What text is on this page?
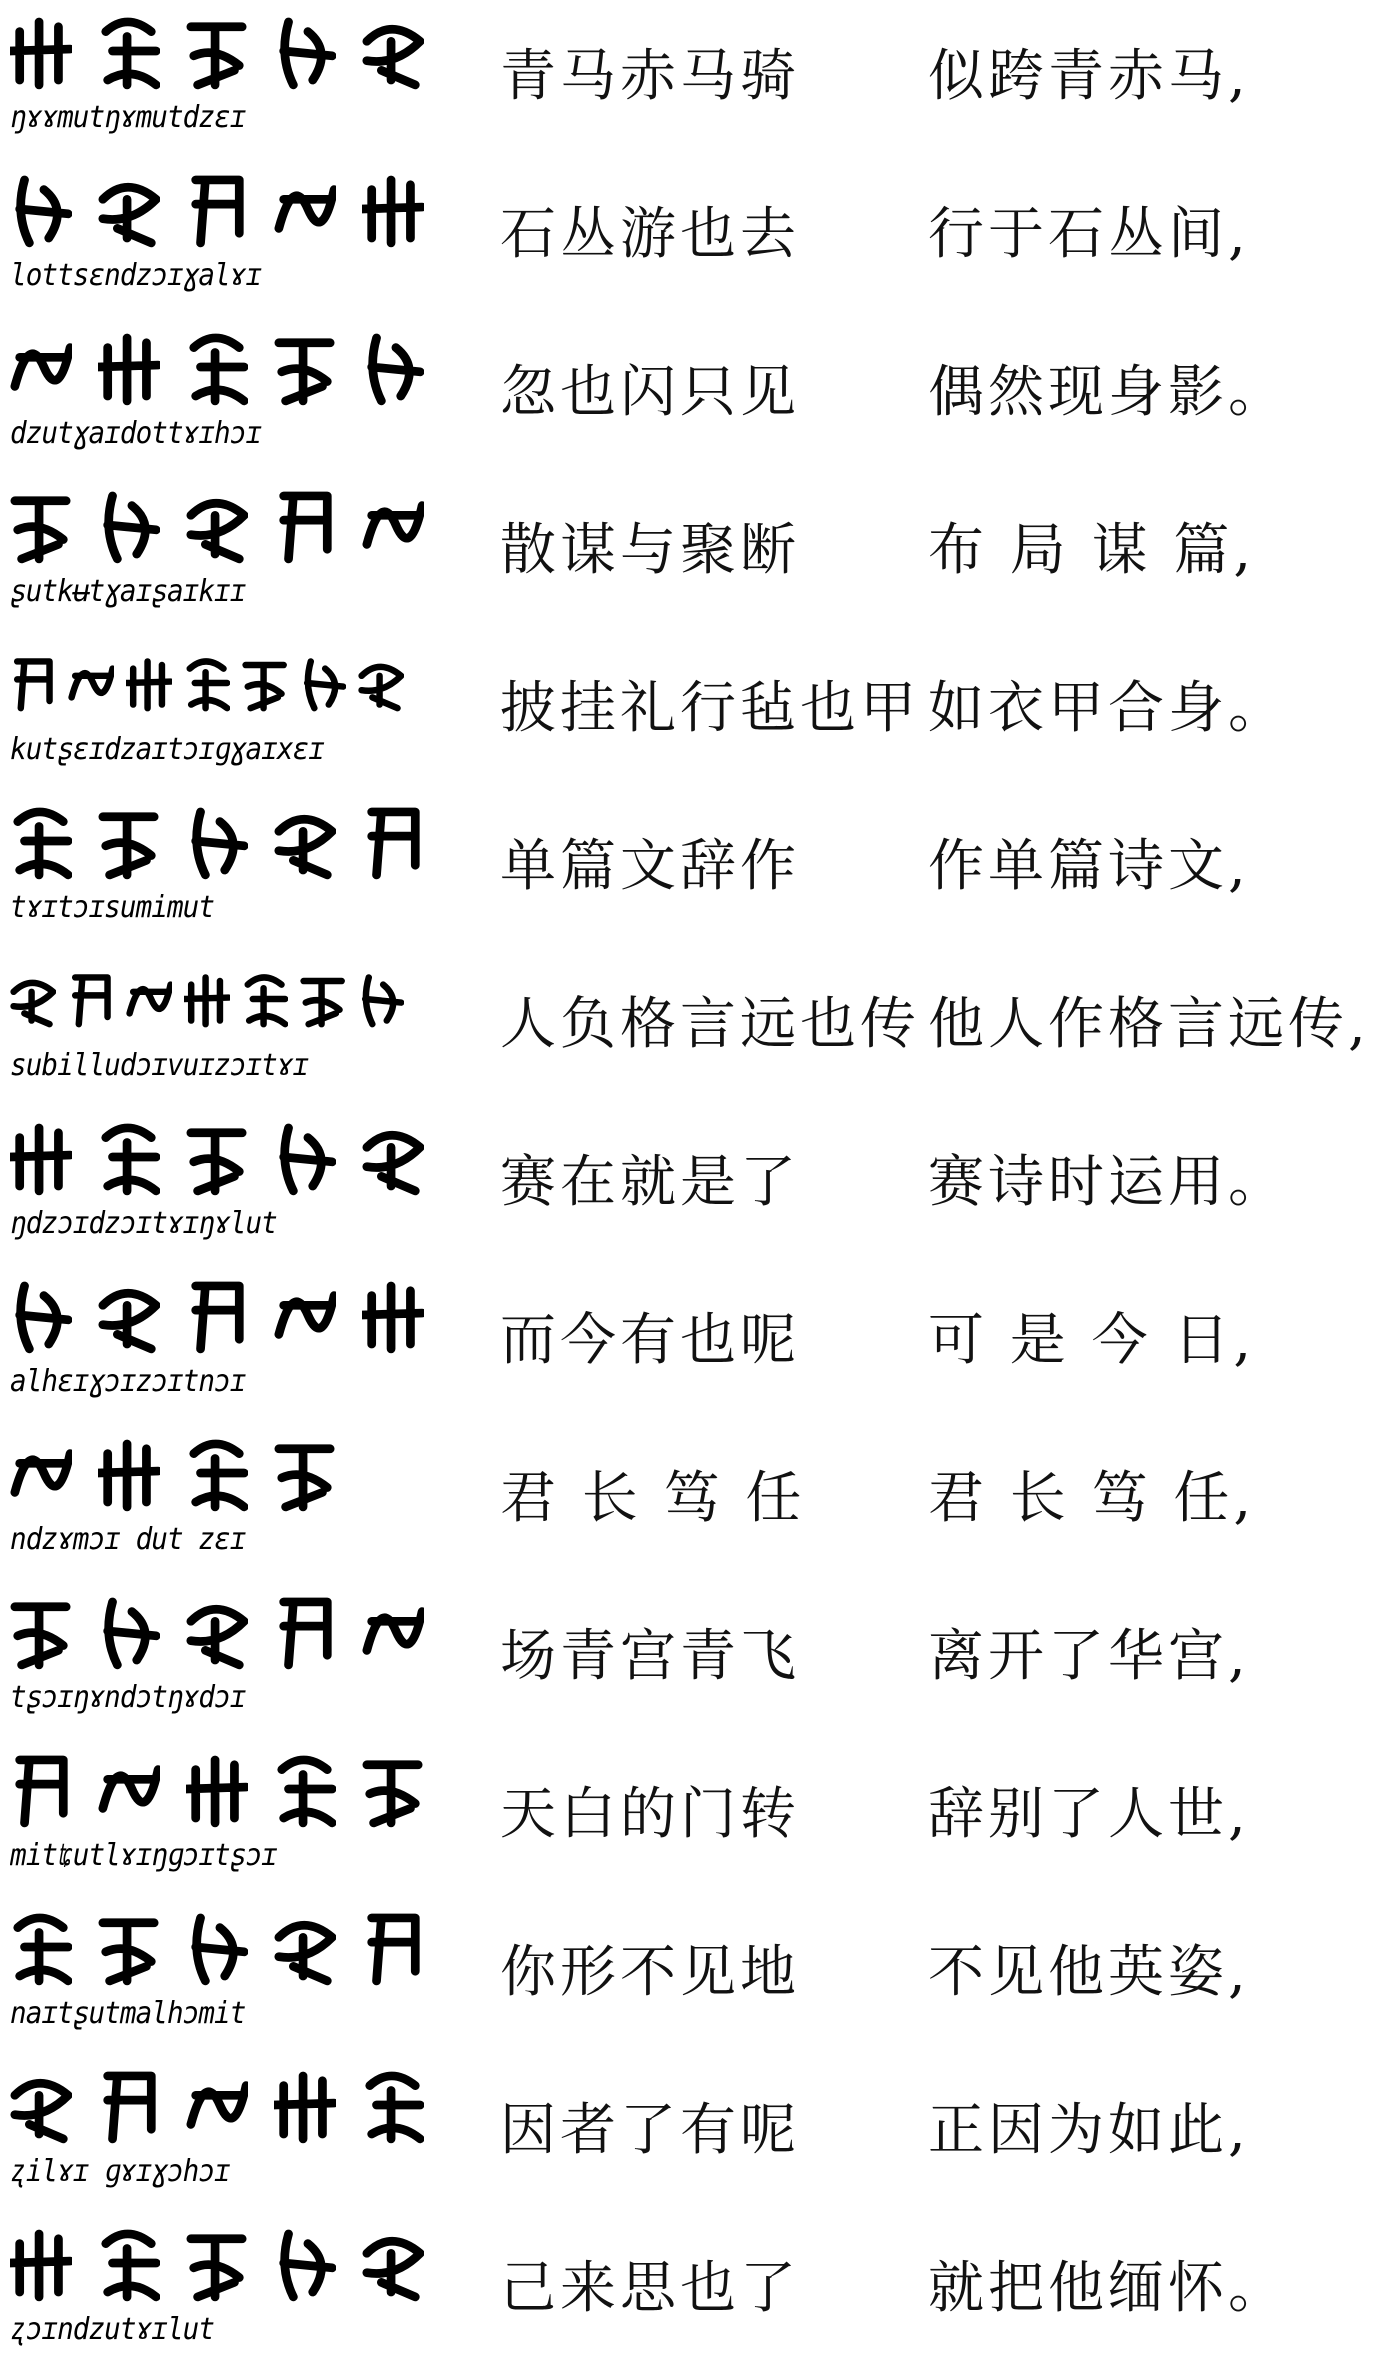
ŋɤɤmutŋɤmutdzɛɪ
青马赤马骑 似跨青赤马,
lottsɛndzɔɪɣalɤɪ
石丛游也去 行于石丛间,
dzutɣaɪdottɤɪhɔɪ
忽也闪只见 偶然现身影。
ʂutkʉtɣaɪʂaɪkɪɪ
散谋与聚断 布 局 谋 篇,
kutʂɛɪdzaɪtɔɪɡɣaɪxɛɪ
披挂礼行毡也甲 如衣甲合身。
tɤɪtɔɪsumimut
单篇文辞作 作单篇诗文,
subilludɔɪvuɪzɔɪtɤɪ
人负格言远也传 他人作格言远传,
ŋdzɔɪdzɔɪtɤɪŋɤlut
赛在就是了 赛诗时运用。
alhɛɪɣɔɪzɔɪtnɔɪ
而今有也呢 可 是 今 日,
ndzɤmɔɪ dut zɛɪ
君 长 笃 任 君 长 笃 任,
tʂɔɪŋɤndɔtŋɤdɔɪ
场青宫青飞 离开了华宫,
mitʨutlɤɪŋɡɔɪtʂɔɪ
天白的门转 辞别了人世,
naɪtʂutmalhɔmit
你形不见地 不见他英姿,
ʐilɤɪ ɡɤɪɣɔhɔɪ
因者了有呢 正因为如此,
ʐɔɪndzutɤɪlut
己来思也了 就把他缅怀。
